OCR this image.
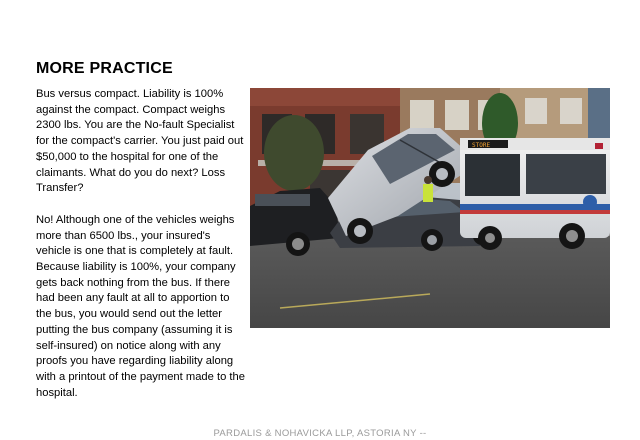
MORE PRACTICE

Bus versus compact. Liability is 100% against the compact. Compact weighs 2300 lbs. You are the No-fault Specialist for the compact's carrier. You just paid out $50,000 to the hospital for one of the claimants. What do you do next? Loss Transfer?

No! Although one of the vehicles weighs more than 6500 lbs., your insured's vehicle is one that is completely at fault. Because liability is 100%, your company gets back nothing from the bus. If there had been any fault at all to apportion to the bus, you would send out the letter putting the bus company (assuming it is self-insured) on notice along with any proofs you have regarding liability along with a printout of the payment made to the hospital.

STORE
PARDALIS & NOHAVICKA LLP, ASTORIA NY --
